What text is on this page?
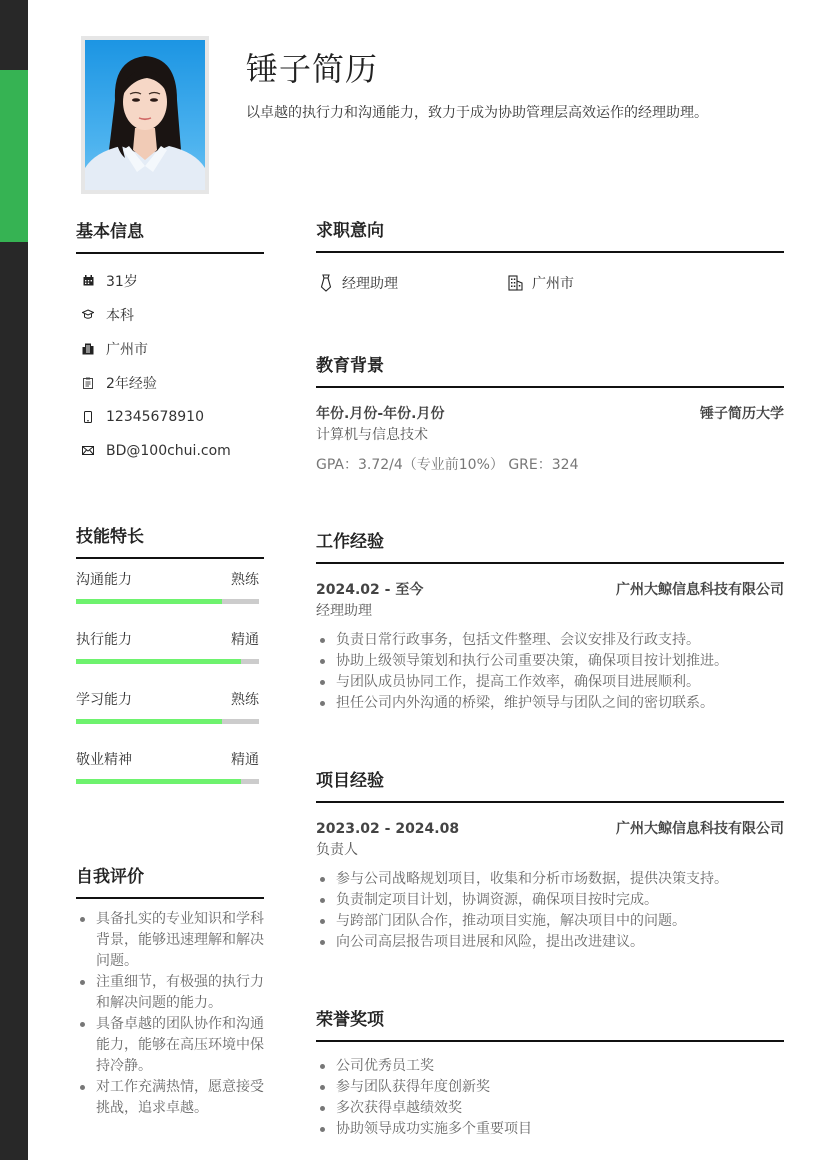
锤子简历
以卓越的执行力和沟通能力，致力于成为协助管理层高效运作的经理助理。
基本信息
31岁
本科
广州市
2年经验
12345678910
BD@100chui.com
技能特长
沟通能力	熟练
执行能力	精通
学习能力	熟练
敬业精神	精通
自我评价
具备扎实的专业知识和学科背景，能够迅速理解和解决问题。
注重细节，有极强的执行力和解决问题的能力。
具备卓越的团队协作和沟通能力，能够在高压环境中保持冷静。
对工作充满热情，愿意接受挑战，追求卓越。
求职意向
经理助理	广州市
教育背景
年份.月份-年份.月份	锤子简历大学
计算机与信息技术
GPA：3.72/4（专业前10%） GRE：324
工作经验
2024.02 - 至今	广州大鲸信息科技有限公司
经理助理
负责日常行政事务，包括文件整理、会议安排及行政支持。
协助上级领导策划和执行公司重要决策，确保项目按计划推进。
与团队成员协同工作，提高工作效率，确保项目进展顺利。
担任公司内外沟通的桥梁，维护领导与团队之间的密切联系。
项目经验
2023.02 - 2024.08	广州大鲸信息科技有限公司
负责人
参与公司战略规划项目，收集和分析市场数据，提供决策支持。
负责制定项目计划，协调资源，确保项目按时完成。
与跨部门团队合作，推动项目实施，解决项目中的问题。
向公司高层报告项目进展和风险，提出改进建议。
荣誉奖项
公司优秀员工奖
参与团队获得年度创新奖
多次获得卓越绩效奖
协助领导成功实施多个重要项目
